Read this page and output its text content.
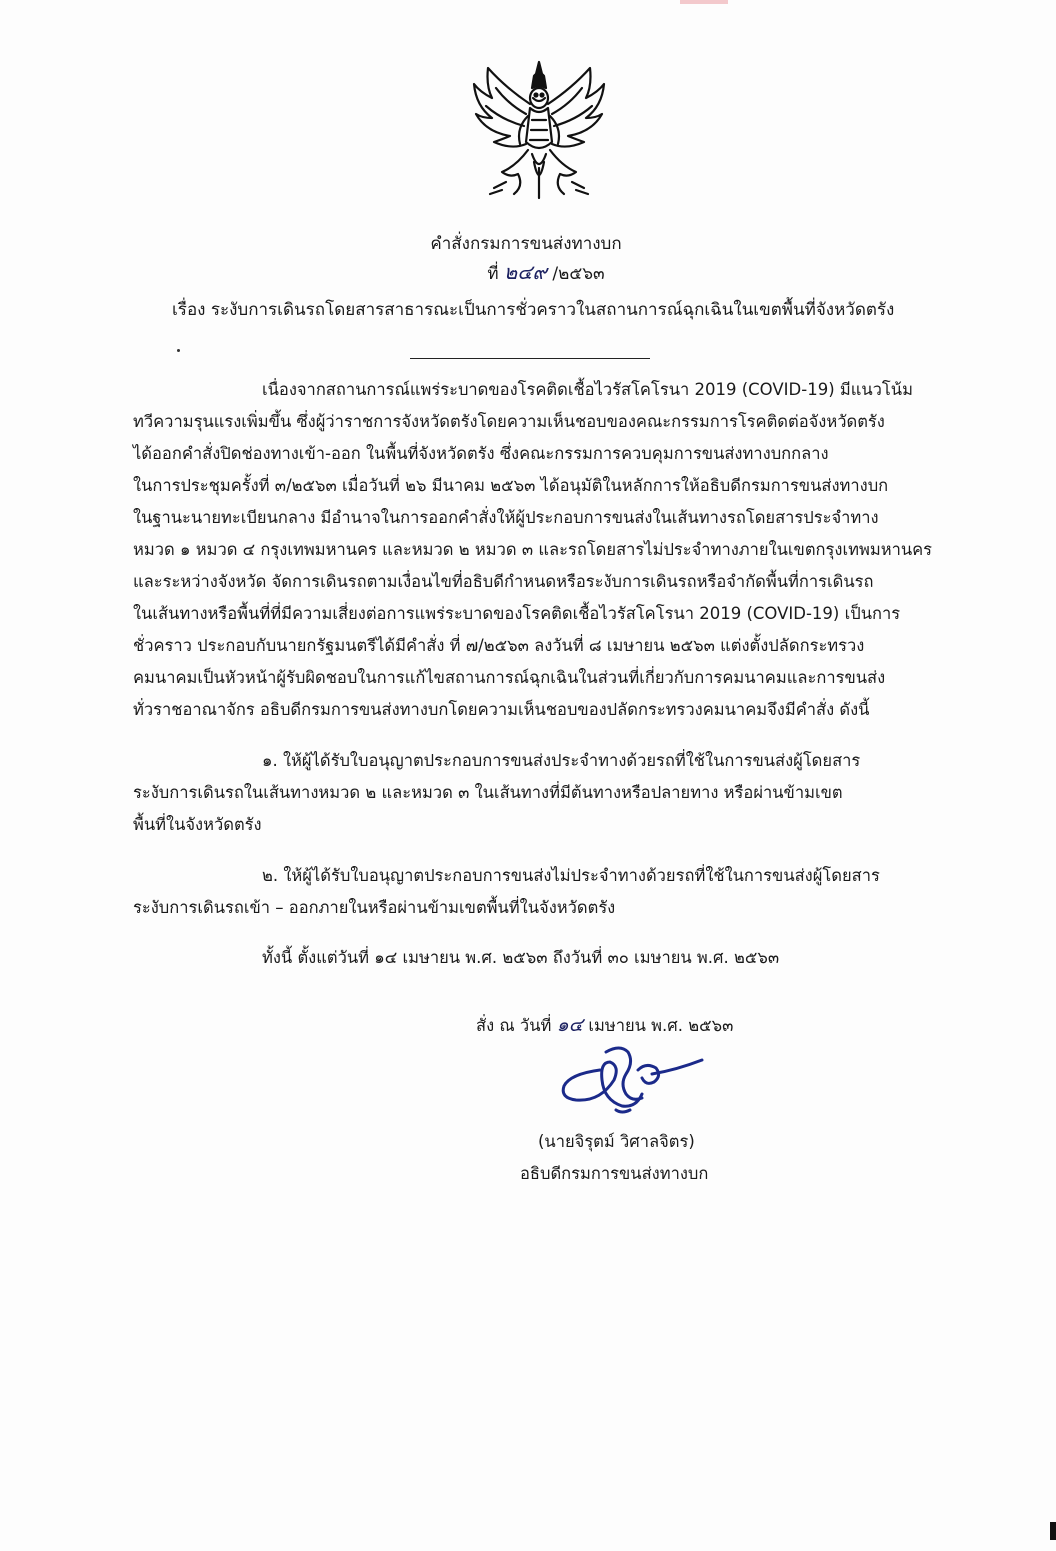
คำสั่งกรมการขนส่งทางบก
ที่ ๒๔๙ /๒๕๖๓
เรื่อง ระงับการเดินรถโดยสารสาธารณะเป็นการชั่วคราวในสถานการณ์ฉุกเฉินในเขตพื้นที่จังหวัดตรัง
เนื่องจากสถานการณ์แพร่ระบาดของโรคติดเชื้อไวรัสโคโรนา 2019 (COVID-19) มีแนวโน้ม
ทวีความรุนแรงเพิ่มขึ้น ซึ่งผู้ว่าราชการจังหวัดตรังโดยความเห็นชอบของคณะกรรมการโรคติดต่อจังหวัดตรัง
ได้ออกคำสั่งปิดช่องทางเข้า-ออก ในพื้นที่จังหวัดตรัง ซึ่งคณะกรรมการควบคุมการขนส่งทางบกกลาง
ในการประชุมครั้งที่ ๓/๒๕๖๓ เมื่อวันที่ ๒๖ มีนาคม ๒๕๖๓ ได้อนุมัติในหลักการให้อธิบดีกรมการขนส่งทางบก
ในฐานะนายทะเบียนกลาง มีอำนาจในการออกคำสั่งให้ผู้ประกอบการขนส่งในเส้นทางรถโดยสารประจำทาง
หมวด ๑ หมวด ๔ กรุงเทพมหานคร และหมวด ๒ หมวด ๓ และรถโดยสารไม่ประจำทางภายในเขตกรุงเทพมหานคร
และระหว่างจังหวัด จัดการเดินรถตามเงื่อนไขที่อธิบดีกำหนดหรือระงับการเดินรถหรือจำกัดพื้นที่การเดินรถ
ในเส้นทางหรือพื้นที่ที่มีความเสี่ยงต่อการแพร่ระบาดของโรคติดเชื้อไวรัสโคโรนา 2019 (COVID-19) เป็นการ
ชั่วคราว ประกอบกับนายกรัฐมนตรีได้มีคำสั่ง ที่ ๗/๒๕๖๓ ลงวันที่ ๘ เมษายน ๒๕๖๓ แต่งตั้งปลัดกระทรวง
คมนาคมเป็นหัวหน้าผู้รับผิดชอบในการแก้ไขสถานการณ์ฉุกเฉินในส่วนที่เกี่ยวกับการคมนาคมและการขนส่ง
ทั่วราชอาณาจักร อธิบดีกรมการขนส่งทางบกโดยความเห็นชอบของปลัดกระทรวงคมนาคมจึงมีคำสั่ง ดังนี้
๑. ให้ผู้ได้รับใบอนุญาตประกอบการขนส่งประจำทางด้วยรถที่ใช้ในการขนส่งผู้โดยสาร
ระงับการเดินรถในเส้นทางหมวด ๒ และหมวด ๓ ในเส้นทางที่มีต้นทางหรือปลายทาง หรือผ่านข้ามเขต
พื้นที่ในจังหวัดตรัง
๒. ให้ผู้ได้รับใบอนุญาตประกอบการขนส่งไม่ประจำทางด้วยรถที่ใช้ในการขนส่งผู้โดยสาร
ระงับการเดินรถเข้า – ออกภายในหรือผ่านข้ามเขตพื้นที่ในจังหวัดตรัง
ทั้งนี้ ตั้งแต่วันที่ ๑๔ เมษายน พ.ศ. ๒๕๖๓ ถึงวันที่ ๓๐ เมษายน พ.ศ. ๒๕๖๓
สั่ง ณ วันที่ ๑๔ เมษายน พ.ศ. ๒๕๖๓
(นายจิรุตม์ วิศาลจิตร)
อธิบดีกรมการขนส่งทางบก
